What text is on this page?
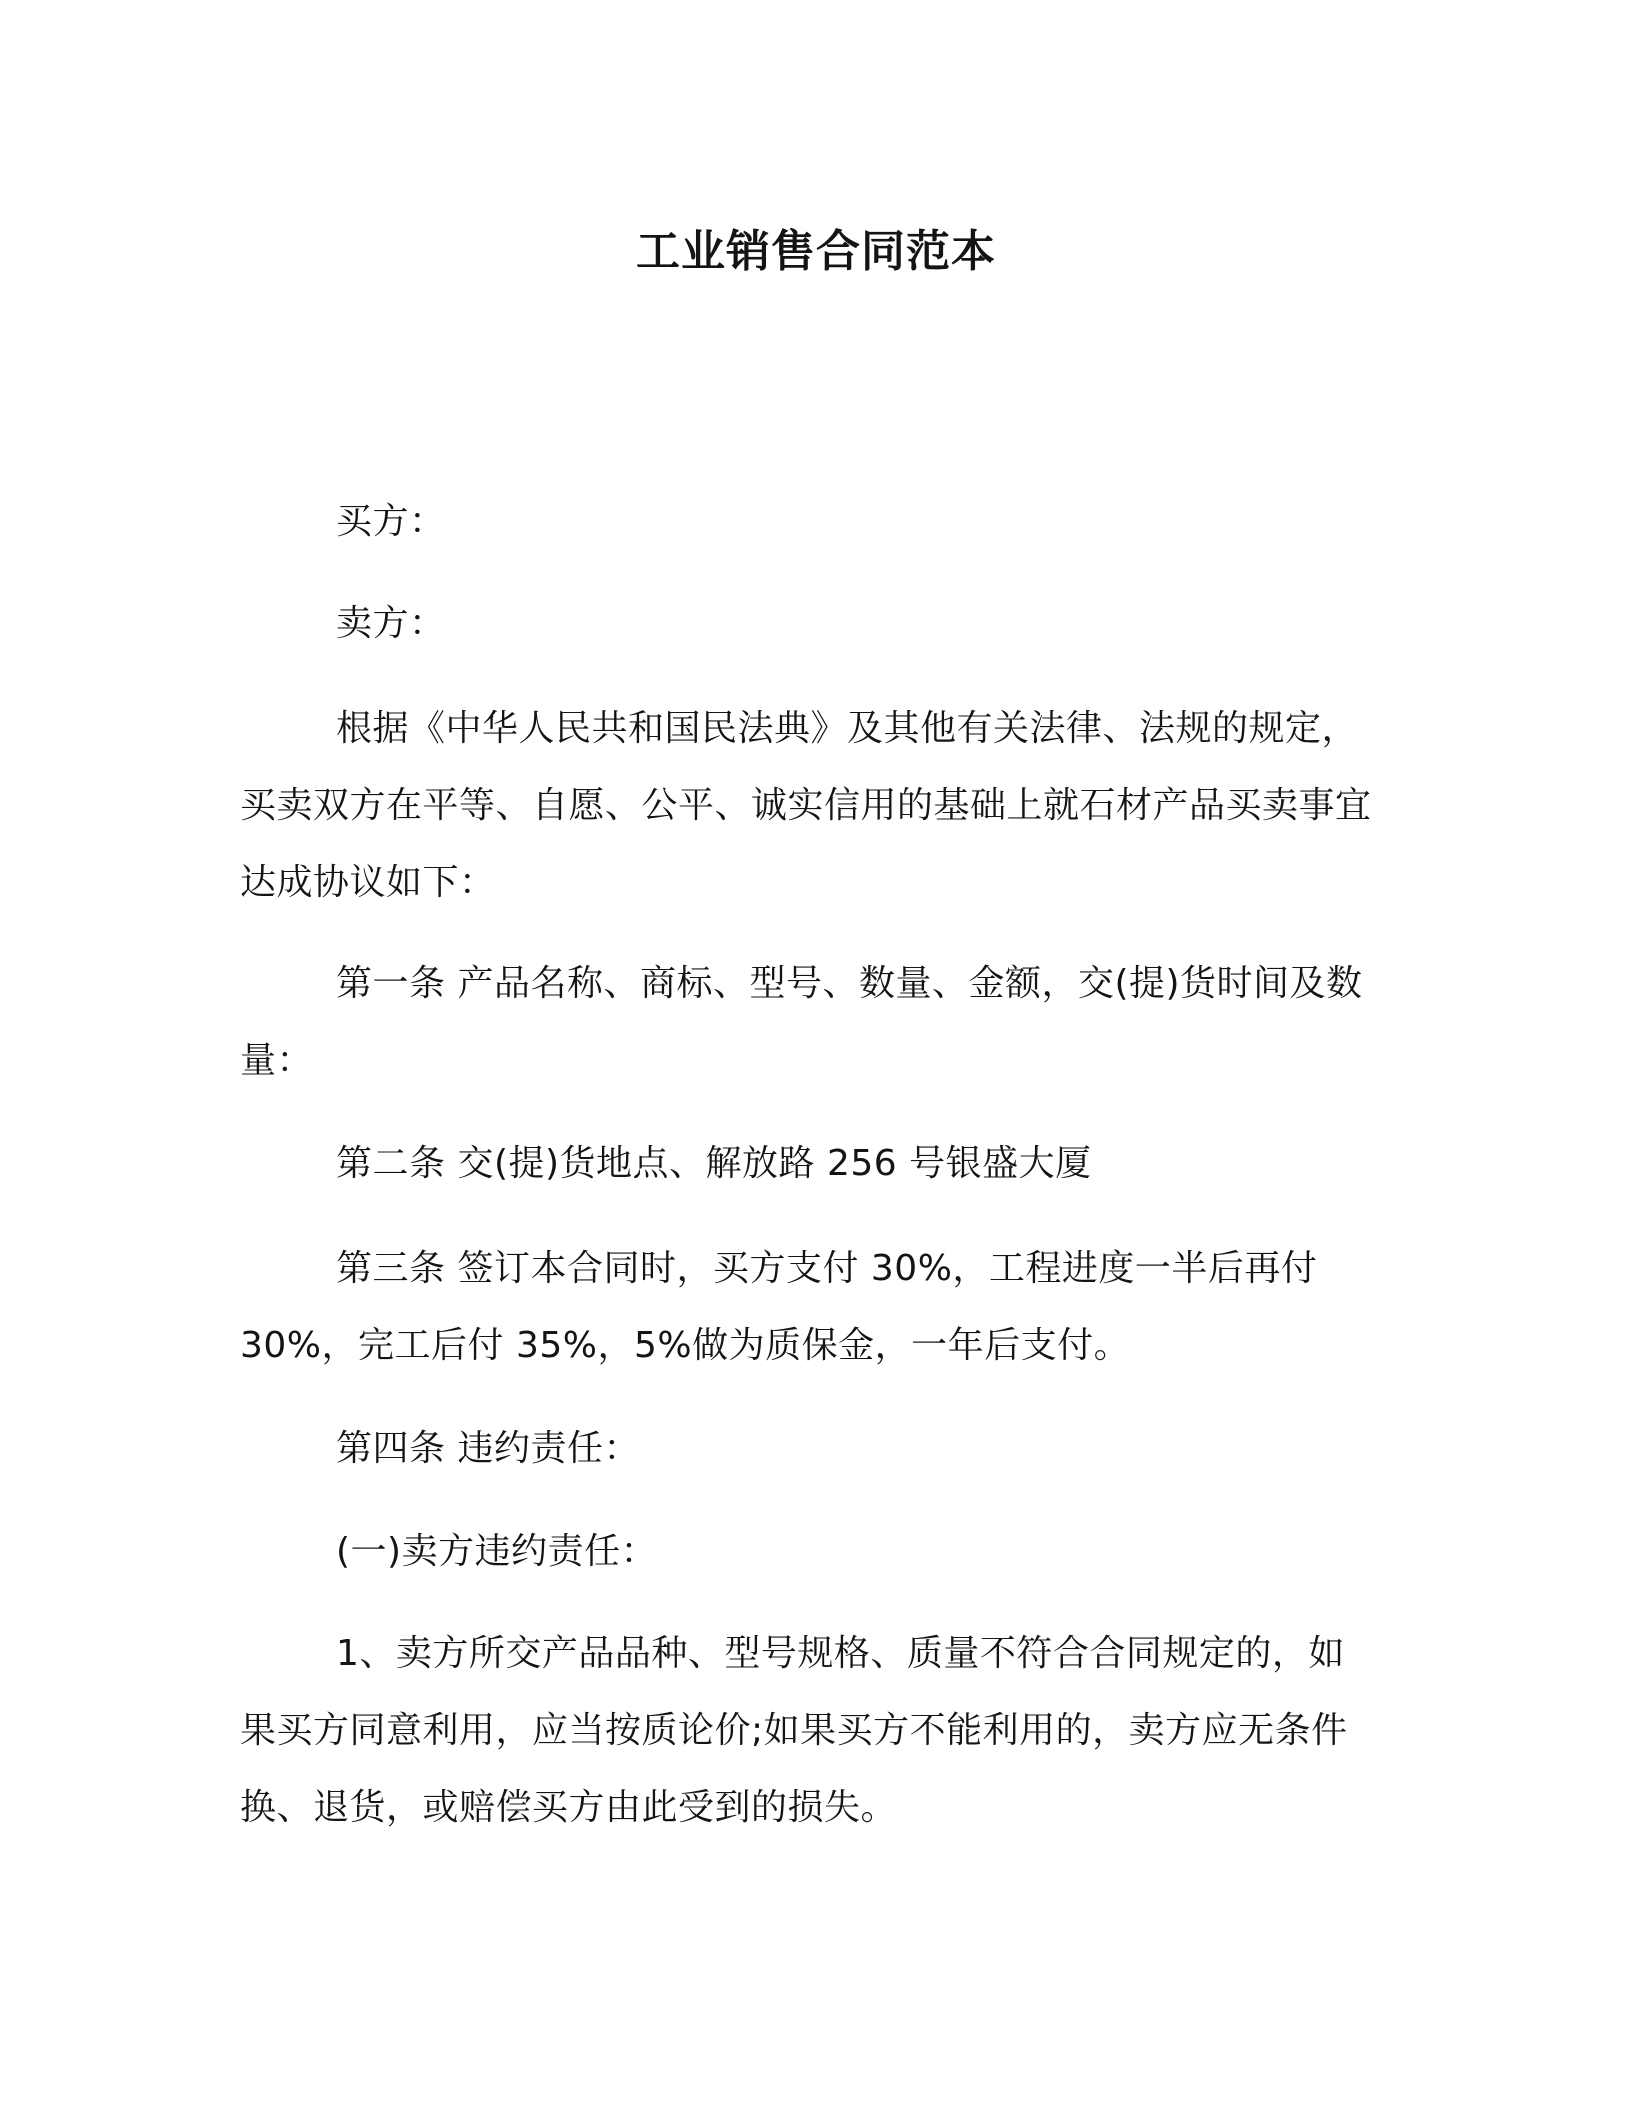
工业销售合同范本
买方：
卖方：
根据《中华人民共和国民法典》及其他有关法律、法规的规定，买卖双方在平等、自愿、公平、诚实信用的基础上就石材产品买卖事宜达成协议如下：
第一条 产品名称、商标、型号、数量、金额，交(提)货时间及数量：
第二条 交(提)货地点、解放路 256 号银盛大厦
第三条 签订本合同时，买方支付 30%，工程进度一半后再付 30%，完工后付 35%，5%做为质保金，一年后支付。
第四条 违约责任：
(一)卖方违约责任：
1、卖方所交产品品种、型号规格、质量不符合合同规定的，如果买方同意利用，应当按质论价;如果买方不能利用的，卖方应无条件换、退货，或赔偿买方由此受到的损失。
